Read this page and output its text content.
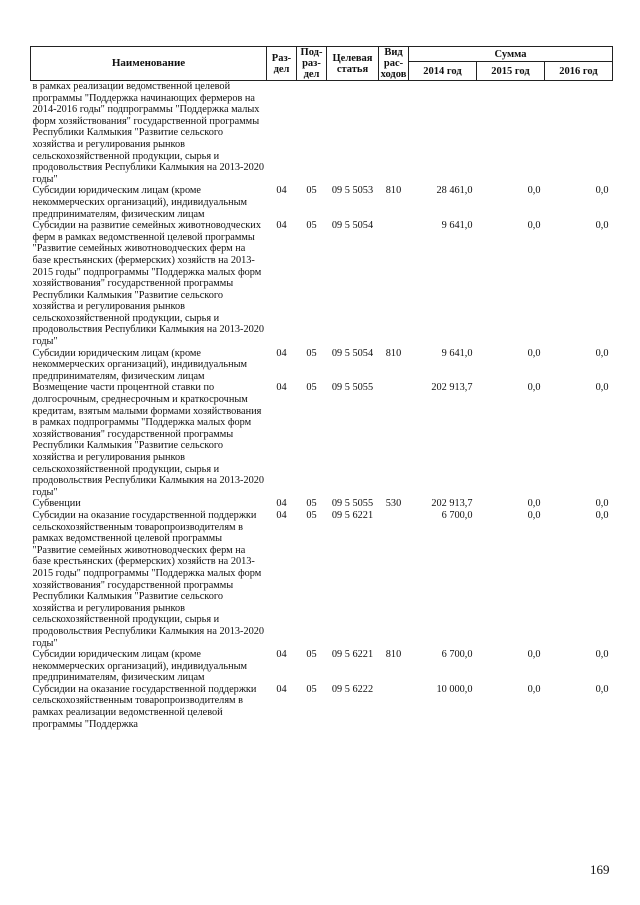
Наименование	Раз-дел	Под-раз-дел	Целевая статья	Вид рас-ходов	Сумма		
					2014 год	2015 год	2016 год
в рамках реализации ведомственной целевой программы "Поддержка начинающих фермеров на 2014-2016 годы" подпрограммы "Поддержка малых форм хозяйствования" государственной программы Республики Калмыкия "Развитие сельского хозяйства и регулирования рынков сельскохозяйственной продукции, сырья и продовольствия Республики Калмыкия на 2013-2020 годы"							
Субсидии юридическим лицам (кроме некоммерческих организаций), индивидуальным предпринимателям, физическим лицам	04	05	09 5 5053	810	28 461,0	0,0	0,0
Субсидии на развитие семейных животноводческих ферм в рамках ведомственной целевой программы "Развитие семейных животноводческих ферм на базе крестьянских (фермерских) хозяйств на 2013-2015 годы" подпрограммы "Поддержка малых форм хозяйствования" государственной программы Республики Калмыкия "Развитие сельского хозяйства и регулирования рынков сельскохозяйственной продукции, сырья и продовольствия Республики Калмыкия на 2013-2020 годы"	04	05	09 5 5054		9 641,0	0,0	0,0
Субсидии юридическим лицам (кроме некоммерческих организаций), индивидуальным предпринимателям, физическим лицам	04	05	09 5 5054	810	9 641,0	0,0	0,0
Возмещение части процентной ставки по долгосрочным, среднесрочным и краткосрочным кредитам, взятым малыми формами хозяйствования в рамках подпрограммы "Поддержка малых форм хозяйствования" государственной программы Республики Калмыкия "Развитие сельского хозяйства и регулирования рынков сельскохозяйственной продукции, сырья и продовольствия Республики Калмыкия на 2013-2020 годы"	04	05	09 5 5055		202 913,7	0,0	0,0
Субвенции	04	05	09 5 5055	530	202 913,7	0,0	0,0
Субсидии на оказание государственной поддержки сельскохозяйственным товаропроизводителям в рамках ведомственной целевой программы "Развитие семейных животноводческих ферм на базе крестьянских (фермерских) хозяйств на 2013-2015 годы" подпрограммы "Поддержка малых форм хозяйствования" государственной программы Республики Калмыкия "Развитие сельского хозяйства и регулирования рынков сельскохозяйственной продукции, сырья и продовольствия Республики Калмыкия на 2013-2020 годы"	04	05	09 5 6221		6 700,0	0,0	0,0
Субсидии юридическим лицам (кроме некоммерческих организаций), индивидуальным предпринимателям, физическим лицам	04	05	09 5 6221	810	6 700,0	0,0	0,0
Субсидии на оказание государственной поддержки сельскохозяйственным товаропроизводителям в рамках реализации ведомственной целевой программы "Поддержка	04	05	09 5 6222		10 000,0	0,0	0,0
169
